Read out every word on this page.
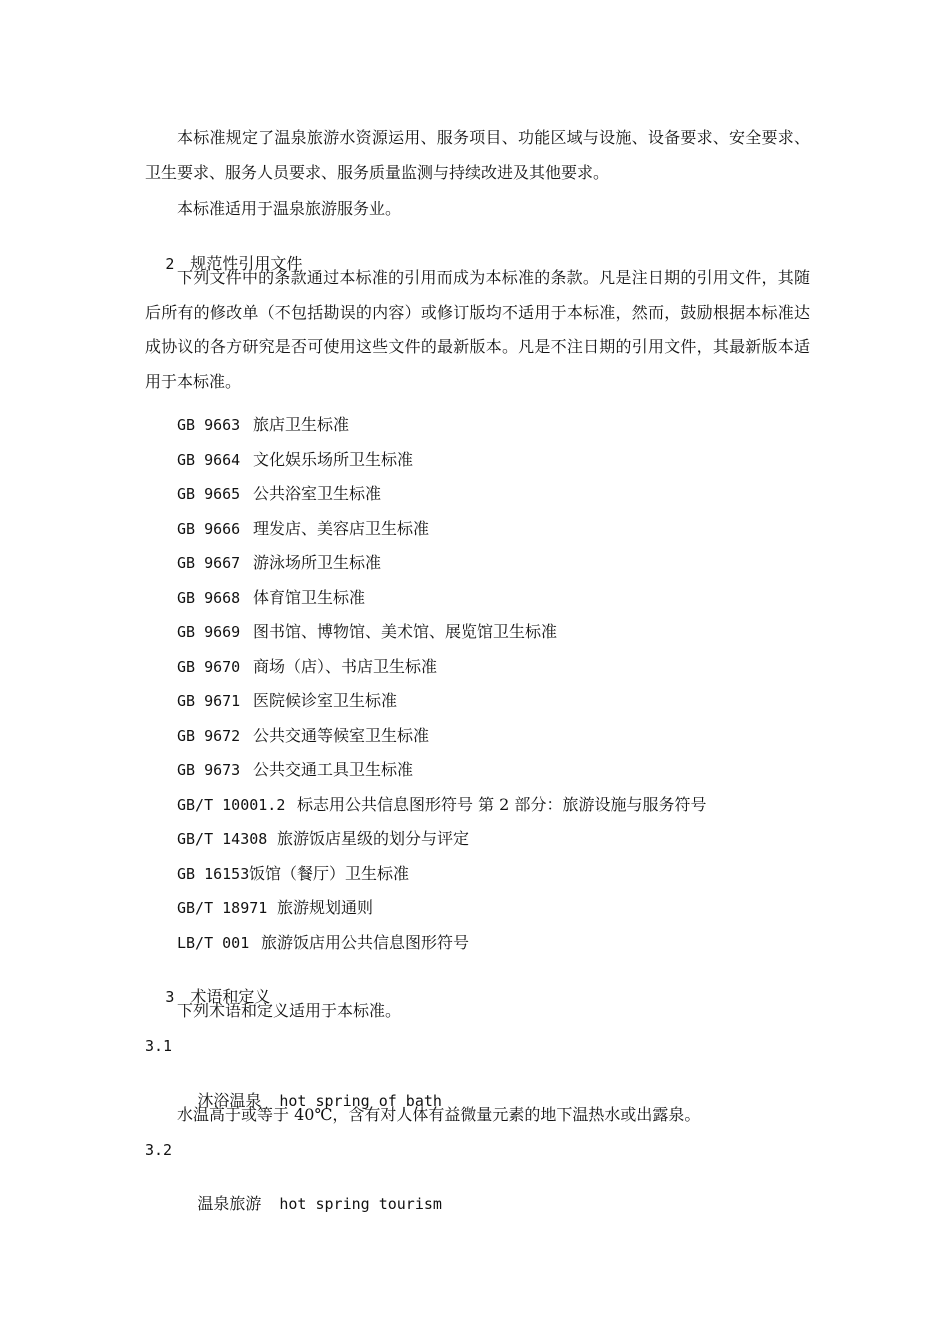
本标准规定了温泉旅游水资源运用、服务项目、功能区域与设施、设备要求、安全要求、卫生要求、服务人员要求、服务质量监测与持续改进及其他要求。

本标准适用于温泉旅游服务业。

2 规范性引用文件

下列文件中的条款通过本标准的引用而成为本标准的条款。凡是注日期的引用文件，其随后所有的修改单（不包括勘误的内容）或修订版均不适用于本标准，然而，鼓励根据本标准达成协议的各方研究是否可使用这些文件的最新版本。凡是不注日期的引用文件，其最新版本适用于本标准。

GB 9663 旅店卫生标准
GB 9664 文化娱乐场所卫生标准
GB 9665 公共浴室卫生标准
GB 9666 理发店、美容店卫生标准
GB 9667 游泳场所卫生标准
GB 9668 体育馆卫生标准
GB 9669 图书馆、博物馆、美术馆、展览馆卫生标准
GB 9670 商场（店）、书店卫生标准
GB 9671 医院候诊室卫生标准
GB 9672 公共交通等候室卫生标准
GB 9673 公共交通工具卫生标准
GB/T 10001.2 标志用公共信息图形符号 第 2 部分：旅游设施与服务符号
GB/T 14308 旅游饭店星级的划分与评定
GB 16153饭馆（餐厅）卫生标准
GB/T 18971 旅游规划通则
LB/T 001 旅游饭店用公共信息图形符号

3 术语和定义

下列术语和定义适用于本标准。
3.1

沐浴温泉 hot spring of bath

水温高于或等于 40℃，含有对人体有益微量元素的地下温热水或出露泉。
3.2

温泉旅游 hot spring tourism
